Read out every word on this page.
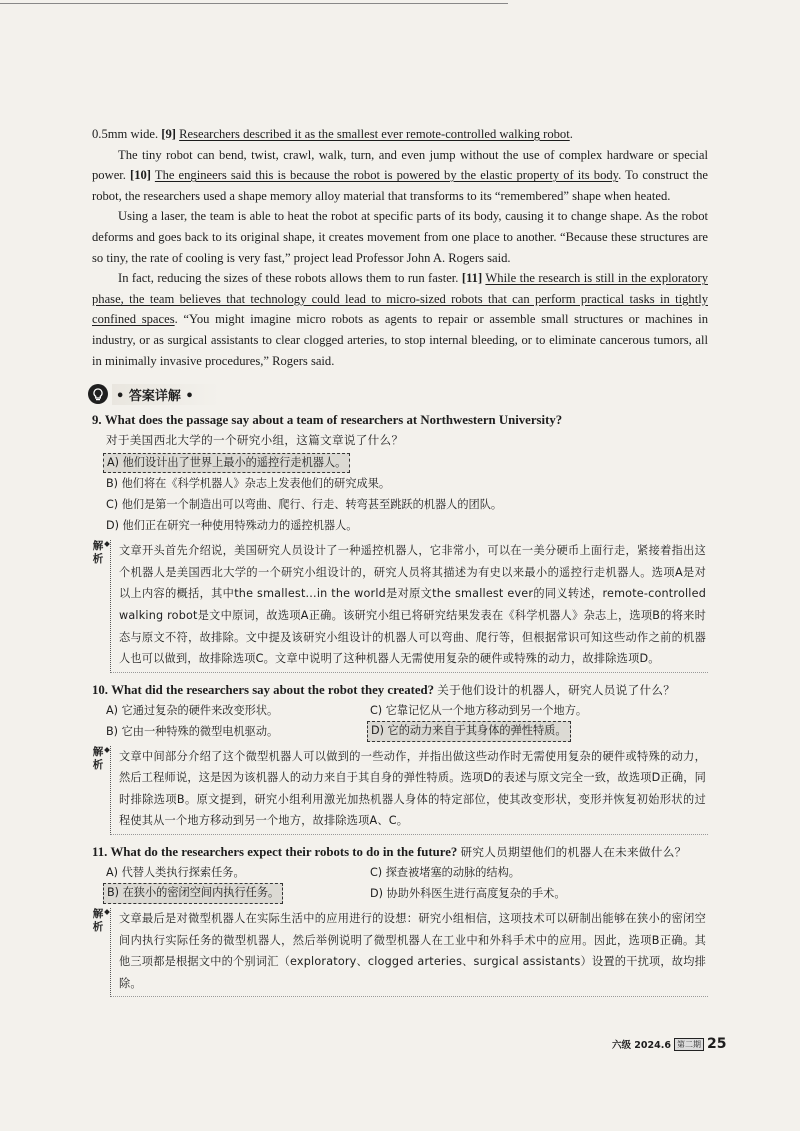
0.5mm wide. [9] Researchers described it as the smallest ever remote-controlled walking robot.

The tiny robot can bend, twist, crawl, walk, turn, and even jump without the use of complex hardware or special power. [10] The engineers said this is because the robot is powered by the elastic property of its body. To construct the robot, the researchers used a shape memory alloy material that transforms to its “remembered” shape when heated.

Using a laser, the team is able to heat the robot at specific parts of its body, causing it to change shape. As the robot deforms and goes back to its original shape, it creates movement from one place to another. “Because these structures are so tiny, the rate of cooling is very fast,” project lead Professor John A. Rogers said.

In fact, reducing the sizes of these robots allows them to run faster. [11] While the research is still in the exploratory phase, the team believes that technology could lead to micro-sized robots that can perform practical tasks in tightly confined spaces. “You might imagine micro robots as agents to repair or assemble small structures or machines in industry, or as surgical assistants to clear clogged arteries, to stop internal bleeding, or to eliminate cancerous tumors, all in minimally invasive procedures,” Rogers said.

• 答案详解 •

9. What does the passage say about a team of researchers at Northwestern University?

对于美国西北大学的一个研究小组，这篇文章说了什么？

A) 他们设计出了世界上最小的遥控行走机器人。

B) 他们将在《科学机器人》杂志上发表他们的研究成果。

C) 他们是第一个制造出可以弯曲、爬行、行走、转弯甚至跳跃的机器人的团队。

D) 他们正在研究一种使用特殊动力的遥控机器人。

解析
文章开头首先介绍说，美国研究人员设计了一种遥控机器人，它非常小，可以在一美分硬币上面行走，紧接着指出这个机器人是美国西北大学的一个研究小组设计的，研究人员将其描述为有史以来最小的遥控行走机器人。选项A是对以上内容的概括，其中the smallest...in the world是对原文the smallest ever的同义转述，remote-controlled walking robot是文中原词，故选项A正确。该研究小组已将研究结果发表在《科学机器人》杂志上，选项B的将来时态与原文不符，故排除。文中提及该研究小组设计的机器人可以弯曲、爬行等，但根据常识可知这些动作之前的机器人也可以做到，故排除选项C。文章中说明了这种机器人无需使用复杂的硬件或特殊的动力，故排除选项D。

10. What did the researchers say about the robot they created? 关于他们设计的机器人，研究人员说了什么？

A) 它通过复杂的硬件来改变形状。	C) 它靠记忆从一个地方移动到另一个地方。

B) 它由一种特殊的微型电机驱动。	D) 它的动力来自于其身体的弹性特质。
解析
文章中间部分介绍了这个微型机器人可以做到的一些动作，并指出做这些动作时无需使用复杂的硬件或特殊的动力，然后工程师说，这是因为该机器人的动力来自于其自身的弹性特质。选项D的表述与原文完全一致，故选项D正确，同时排除选项B。原文提到，研究小组利用激光加热机器人身体的特定部位，使其改变形状，变形并恢复初始形状的过程使其从一个地方移动到另一个地方，故排除选项A、C。

11. What do the researchers expect their robots to do in the future? 研究人员期望他们的机器人在未来做什么？

A) 代替人类执行探索任务。	C) 探查被堵塞的动脉的结构。

B) 在狭小的密闭空间内执行任务。	D) 协助外科医生进行高度复杂的手术。

解析
文章最后是对微型机器人在实际生活中的应用进行的设想：研究小组相信，这项技术可以研制出能够在狭小的密闭空间内执行实际任务的微型机器人，然后举例说明了微型机器人在工业中和外科手术中的应用。因此，选项B正确。其他三项都是根据文中的个别词汇（exploratory、clogged arteries、surgical assistants）设置的干扰项，故均排除。
六级 2024.6 第二期 25
